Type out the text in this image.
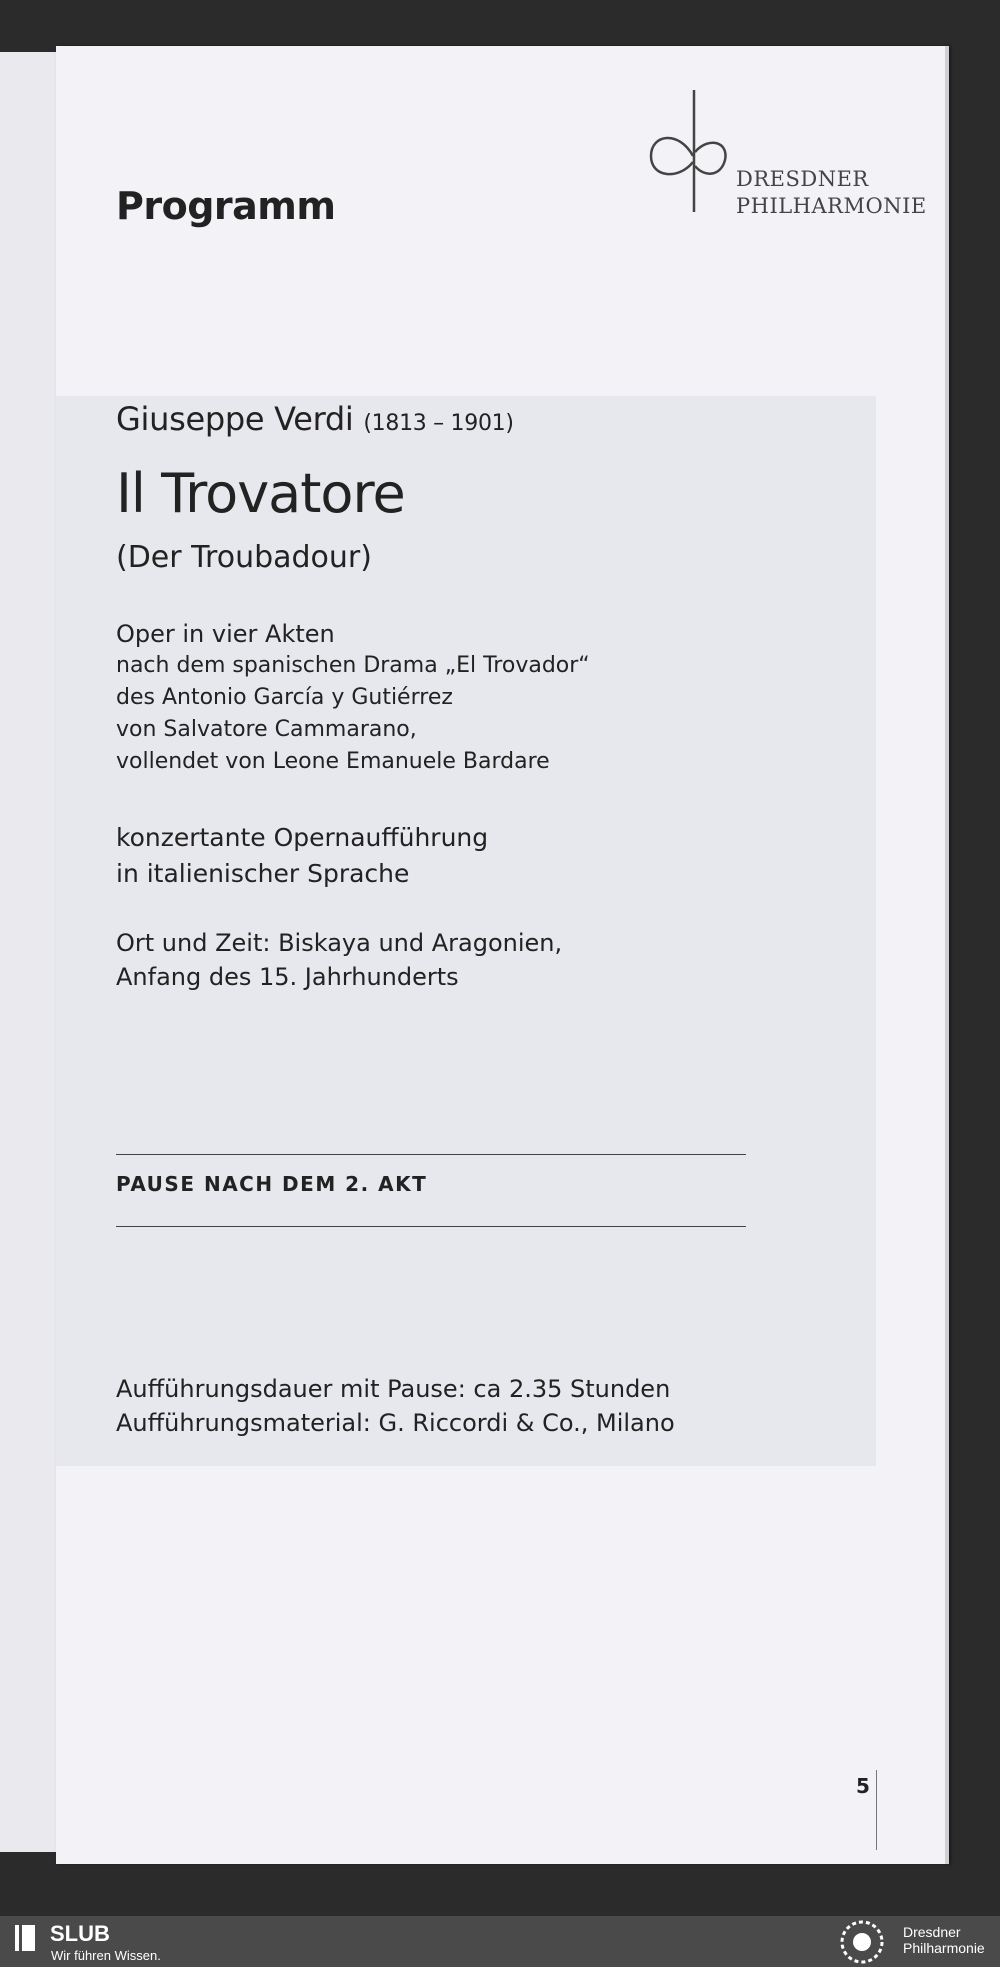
DRESDNER
PHILHARMONIE
Programm
Giuseppe Verdi (1813 – 1901)
Il Trovatore
(Der Troubadour)
Oper in vier Akten
nach dem spanischen Drama „El Trovador“
des Antonio García y Gutiérrez
von Salvatore Cammarano,
vollendet von Leone Emanuele Bardare
konzertante Opernaufführung
in italienischer Sprache
Ort und Zeit: Biskaya und Aragonien,
Anfang des 15. Jahrhunderts
PAUSE NACH DEM 2. AKT
Aufführungsdauer mit Pause: ca 2.35 Stunden
Aufführungsmaterial: G. Riccordi & Co., Milano
5
SLUB
Wir führen Wissen.
Dresdner
Philharmonie
